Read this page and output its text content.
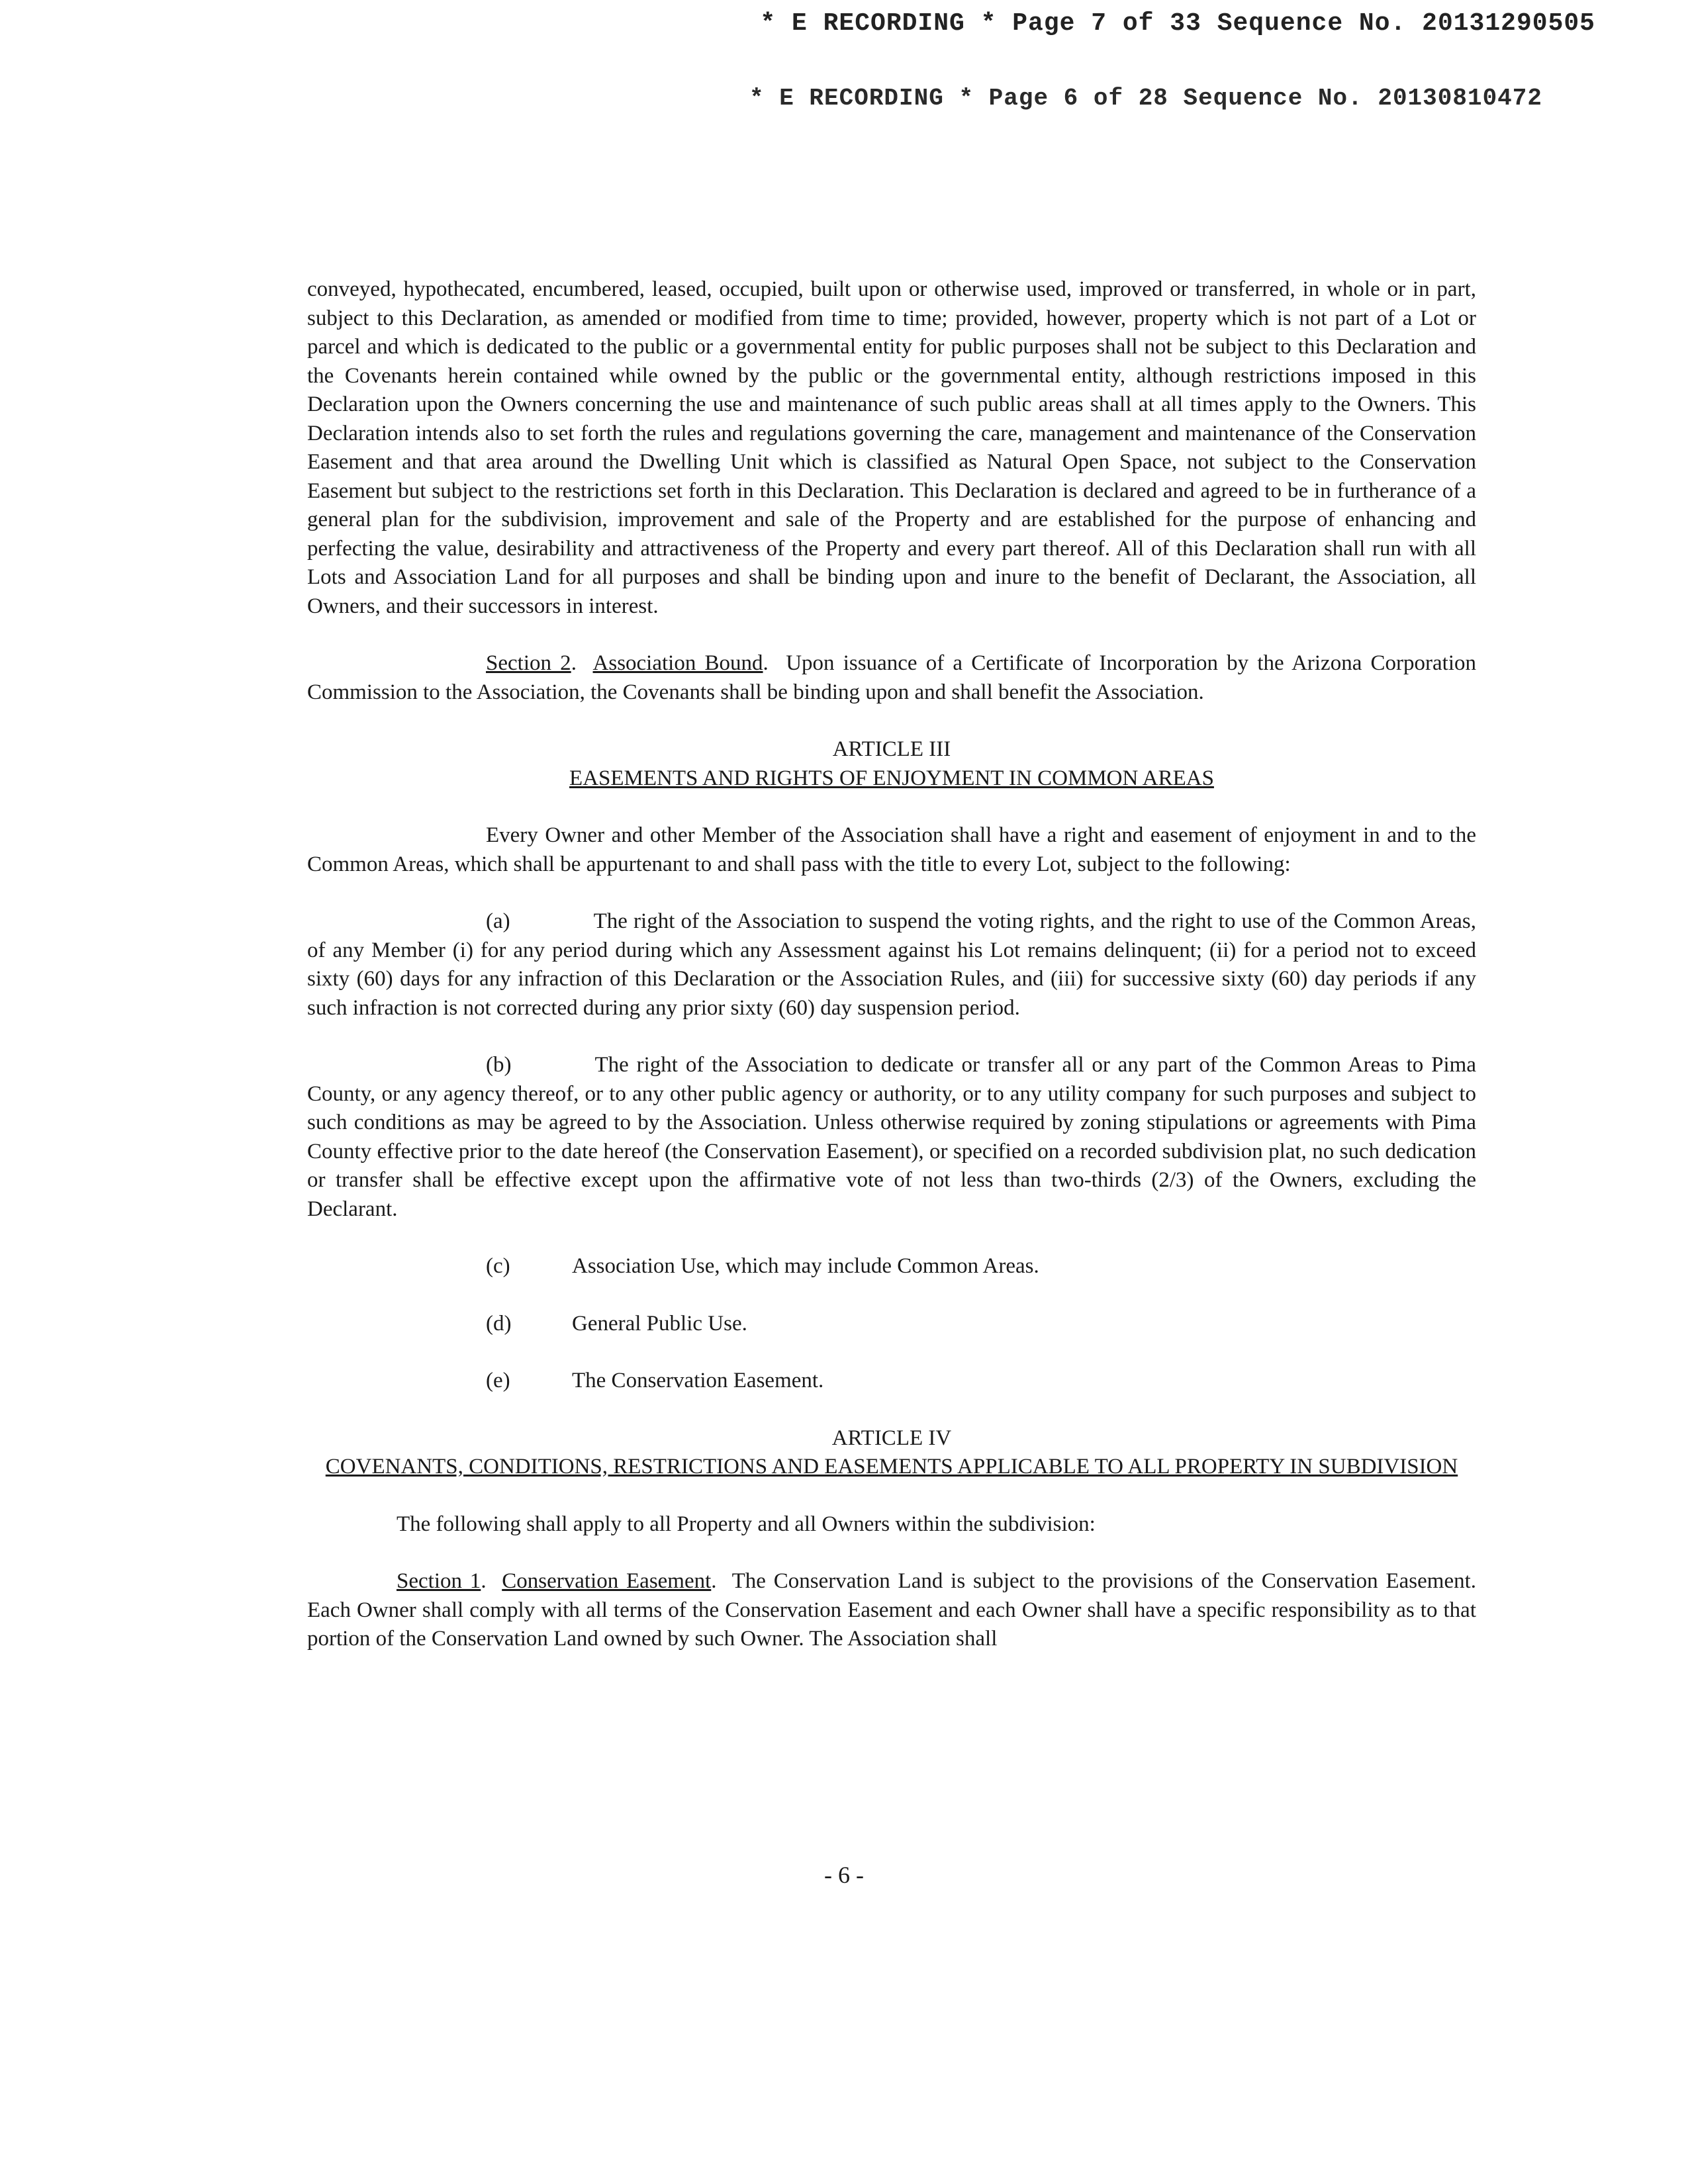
* E RECORDING * Page 7 of 33 Sequence No. 20131290505
* E RECORDING * Page 6 of 28 Sequence No. 20130810472

conveyed, hypothecated, encumbered, leased, occupied, built upon or otherwise used, improved or transferred, in whole or in part, subject to this Declaration, as amended or modified from time to time; provided, however, property which is not part of a Lot or parcel and which is dedicated to the public or a governmental entity for public purposes shall not be subject to this Declaration and the Covenants herein contained while owned by the public or the governmental entity, although restrictions imposed in this Declaration upon the Owners concerning the use and maintenance of such public areas shall at all times apply to the Owners. This Declaration intends also to set forth the rules and regulations governing the care, management and maintenance of the Conservation Easement and that area around the Dwelling Unit which is classified as Natural Open Space, not subject to the Conservation Easement but subject to the restrictions set forth in this Declaration. This Declaration is declared and agreed to be in furtherance of a general plan for the subdivision, improvement and sale of the Property and are established for the purpose of enhancing and perfecting the value, desirability and attractiveness of the Property and every part thereof. All of this Declaration shall run with all Lots and Association Land for all purposes and shall be binding upon and inure to the benefit of Declarant, the Association, all Owners, and their successors in interest.

Section 2.  Association Bound.  Upon issuance of a Certificate of Incorporation by the Arizona Corporation Commission to the Association, the Covenants shall be binding upon and shall benefit the Association.

ARTICLE III

EASEMENTS AND RIGHTS OF ENJOYMENT IN COMMON AREAS

Every Owner and other Member of the Association shall have a right and easement of enjoyment in and to the Common Areas, which shall be appurtenant to and shall pass with the title to every Lot, subject to the following:

(a)	The right of the Association to suspend the voting rights, and the right to use of the Common Areas, of any Member (i) for any period during which any Assessment against his Lot remains delinquent; (ii) for a period not to exceed sixty (60) days for any infraction of this Declaration or the Association Rules, and (iii) for successive sixty (60) day periods if any such infraction is not corrected during any prior sixty (60) day suspension period.

(b)	The right of the Association to dedicate or transfer all or any part of the Common Areas to Pima County, or any agency thereof, or to any other public agency or authority, or to any utility company for such purposes and subject to such conditions as may be agreed to by the Association. Unless otherwise required by zoning stipulations or agreements with Pima County effective prior to the date hereof (the Conservation Easement), or specified on a recorded subdivision plat, no such dedication or transfer shall be effective except upon the affirmative vote of not less than two-thirds (2/3) of the Owners, excluding the Declarant.

(c)	Association Use, which may include Common Areas.
(d)	General Public Use.
(e)	The Conservation Easement.

ARTICLE IV

COVENANTS, CONDITIONS, RESTRICTIONS AND EASEMENTS APPLICABLE TO ALL PROPERTY IN SUBDIVISION

The following shall apply to all Property and all Owners within the subdivision:

Section 1.  Conservation Easement.  The Conservation Land is subject to the provisions of the Conservation Easement. Each Owner shall comply with all terms of the Conservation Easement and each Owner shall have a specific responsibility as to that portion of the Conservation Land owned by such Owner. The Association shall

- 6 -
